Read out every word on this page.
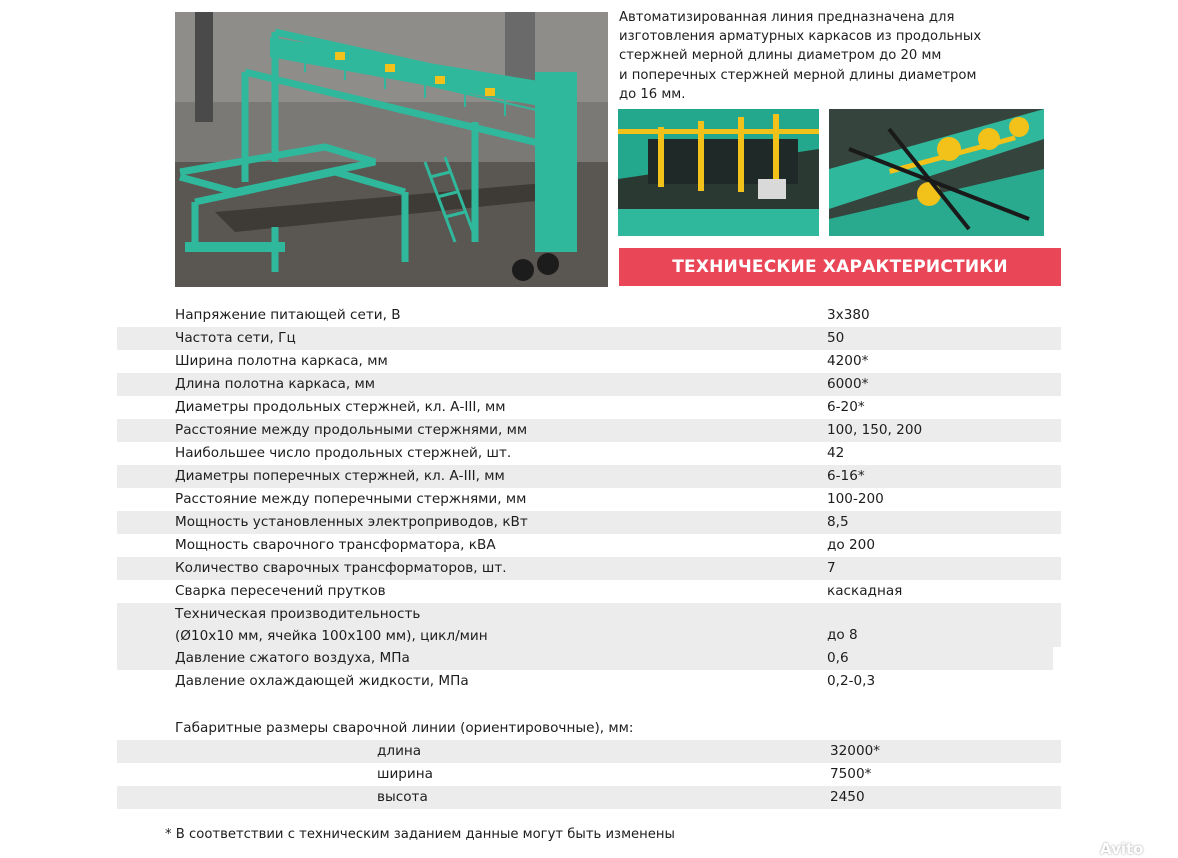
Автоматизированная линия предназначена для

изготовления арматурных каркасов из продольных

стержней мерной длины диаметром до 20 мм

и поперечных стержней мерной длины диаметром

до 16 мм.

ТЕХНИЧЕСКИЕ ХАРАКТЕРИСТИКИ
Напряжение питающей сети, В	3х380
Частота сети, Гц	50
Ширина полотна каркаса, мм	4200*
Длина полотна каркаса, мм	6000*
Диаметры продольных стержней, кл. А-III, мм	6-20*
Расстояние между продольными стержнями, мм	100, 150, 200
Наибольшее число продольных стержней, шт.	42
Диаметры поперечных стержней, кл. А-III, мм	6-16*
Расстояние между поперечными стержнями, мм	100-200
Мощность установленных электроприводов, кВт	8,5
Мощность сварочного трансформатора, кВА	до 200
Количество сварочных трансформаторов, шт.	7
Сварка пересечений прутков	каскадная
Техническая производительность
(Ø10х10 мм, ячейка 100х100 мм), цикл/мин	до 8
Давление сжатого воздуха, МПа	0,6
Давление охлаждающей жидкости, МПа	0,2-0,3
Габаритные размеры сварочной линии (ориентировочные), мм:
длина	32000*
ширина	7500*
высота	2450
* В соответствии с техническим заданием данные могут быть изменены
Avito
